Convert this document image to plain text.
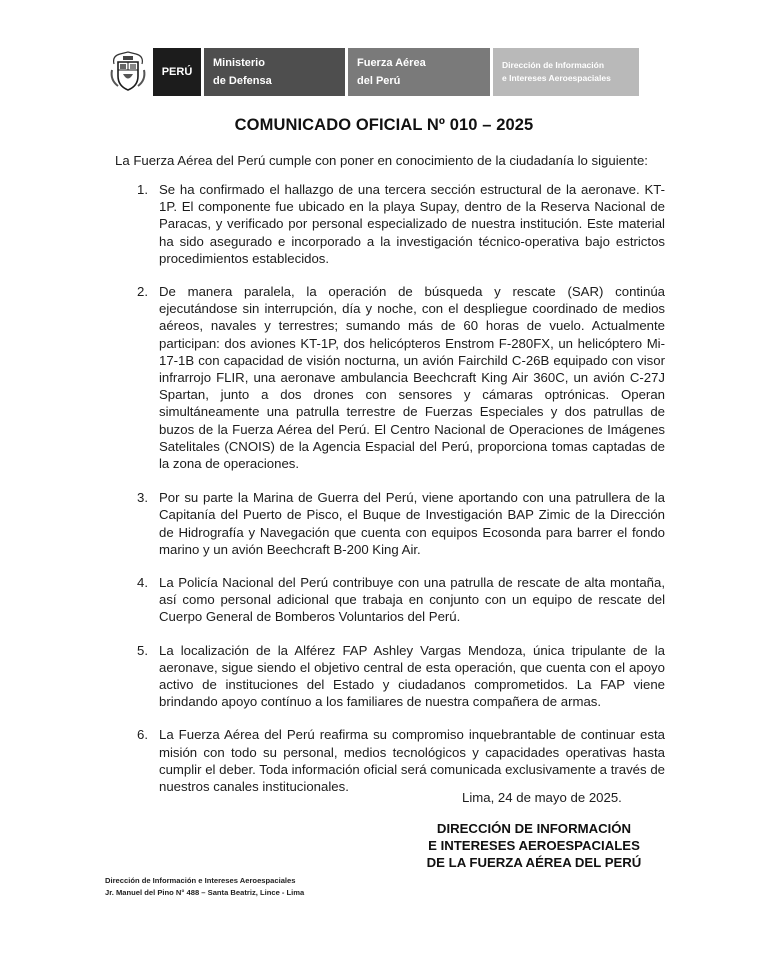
PERÚ
Ministerio
de Defensa
Fuerza Aérea
del Perú
Dirección de Información
e Intereses Aeroespaciales
COMUNICADO OFICIAL Nº 010 – 2025
La Fuerza Aérea del Perú cumple con poner en conocimiento de la ciudadanía lo siguiente:
1. Se ha confirmado el hallazgo de una tercera sección estructural de la aeronave. KT-1P. El componente fue ubicado en la playa Supay, dentro de la Reserva Nacional de Paracas, y verificado por personal especializado de nuestra institución. Este material ha sido asegurado e incorporado a la investigación técnico-operativa bajo estrictos procedimientos establecidos.
2. De manera paralela, la operación de búsqueda y rescate (SAR) continúa ejecutándose sin interrupción, día y noche, con el despliegue coordinado de medios aéreos, navales y terrestres; sumando más de 60 horas de vuelo. Actualmente participan: dos aviones KT-1P, dos helicópteros Enstrom F-280FX, un helicóptero Mi-17-1B con capacidad de visión nocturna, un avión Fairchild C-26B equipado con visor infrarrojo FLIR, una aeronave ambulancia Beechcraft King Air 360C, un avión C-27J Spartan, junto a dos drones con sensores y cámaras optrónicas. Operan simultáneamente una patrulla terrestre de Fuerzas Especiales y dos patrullas de buzos de la Fuerza Aérea del Perú. El Centro Nacional de Operaciones de Imágenes Satelitales (CNOIS) de la Agencia Espacial del Perú, proporciona tomas captadas de la zona de operaciones.
3. Por su parte la Marina de Guerra del Perú, viene aportando con una patrullera de la Capitanía del Puerto de Pisco, el Buque de Investigación BAP Zimic de la Dirección de Hidrografía y Navegación que cuenta con equipos Ecosonda para barrer el fondo marino y un avión Beechcraft B-200 King Air.
4. La Policía Nacional del Perú contribuye con una patrulla de rescate de alta montaña, así como personal adicional que trabaja en conjunto con un equipo de rescate del Cuerpo General de Bomberos Voluntarios del Perú.
5. La localización de la Alférez FAP Ashley Vargas Mendoza, única tripulante de la aeronave, sigue siendo el objetivo central de esta operación, que cuenta con el apoyo activo de instituciones del Estado y ciudadanos comprometidos. La FAP viene brindando apoyo contínuo a los familiares de nuestra compañera de armas.
6. La Fuerza Aérea del Perú reafirma su compromiso inquebrantable de continuar esta misión con todo su personal, medios tecnológicos y capacidades operativas hasta cumplir el deber. Toda información oficial será comunicada exclusivamente a través de nuestros canales institucionales.
Lima, 24 de mayo de 2025.
DIRECCIÓN DE INFORMACIÓN
E INTERESES AEROESPACIALES
DE LA FUERZA AÉREA DEL PERÚ
Dirección de Información e Intereses Aeroespaciales
Jr. Manuel del Pino N° 488 – Santa Beatriz, Lince - Lima
